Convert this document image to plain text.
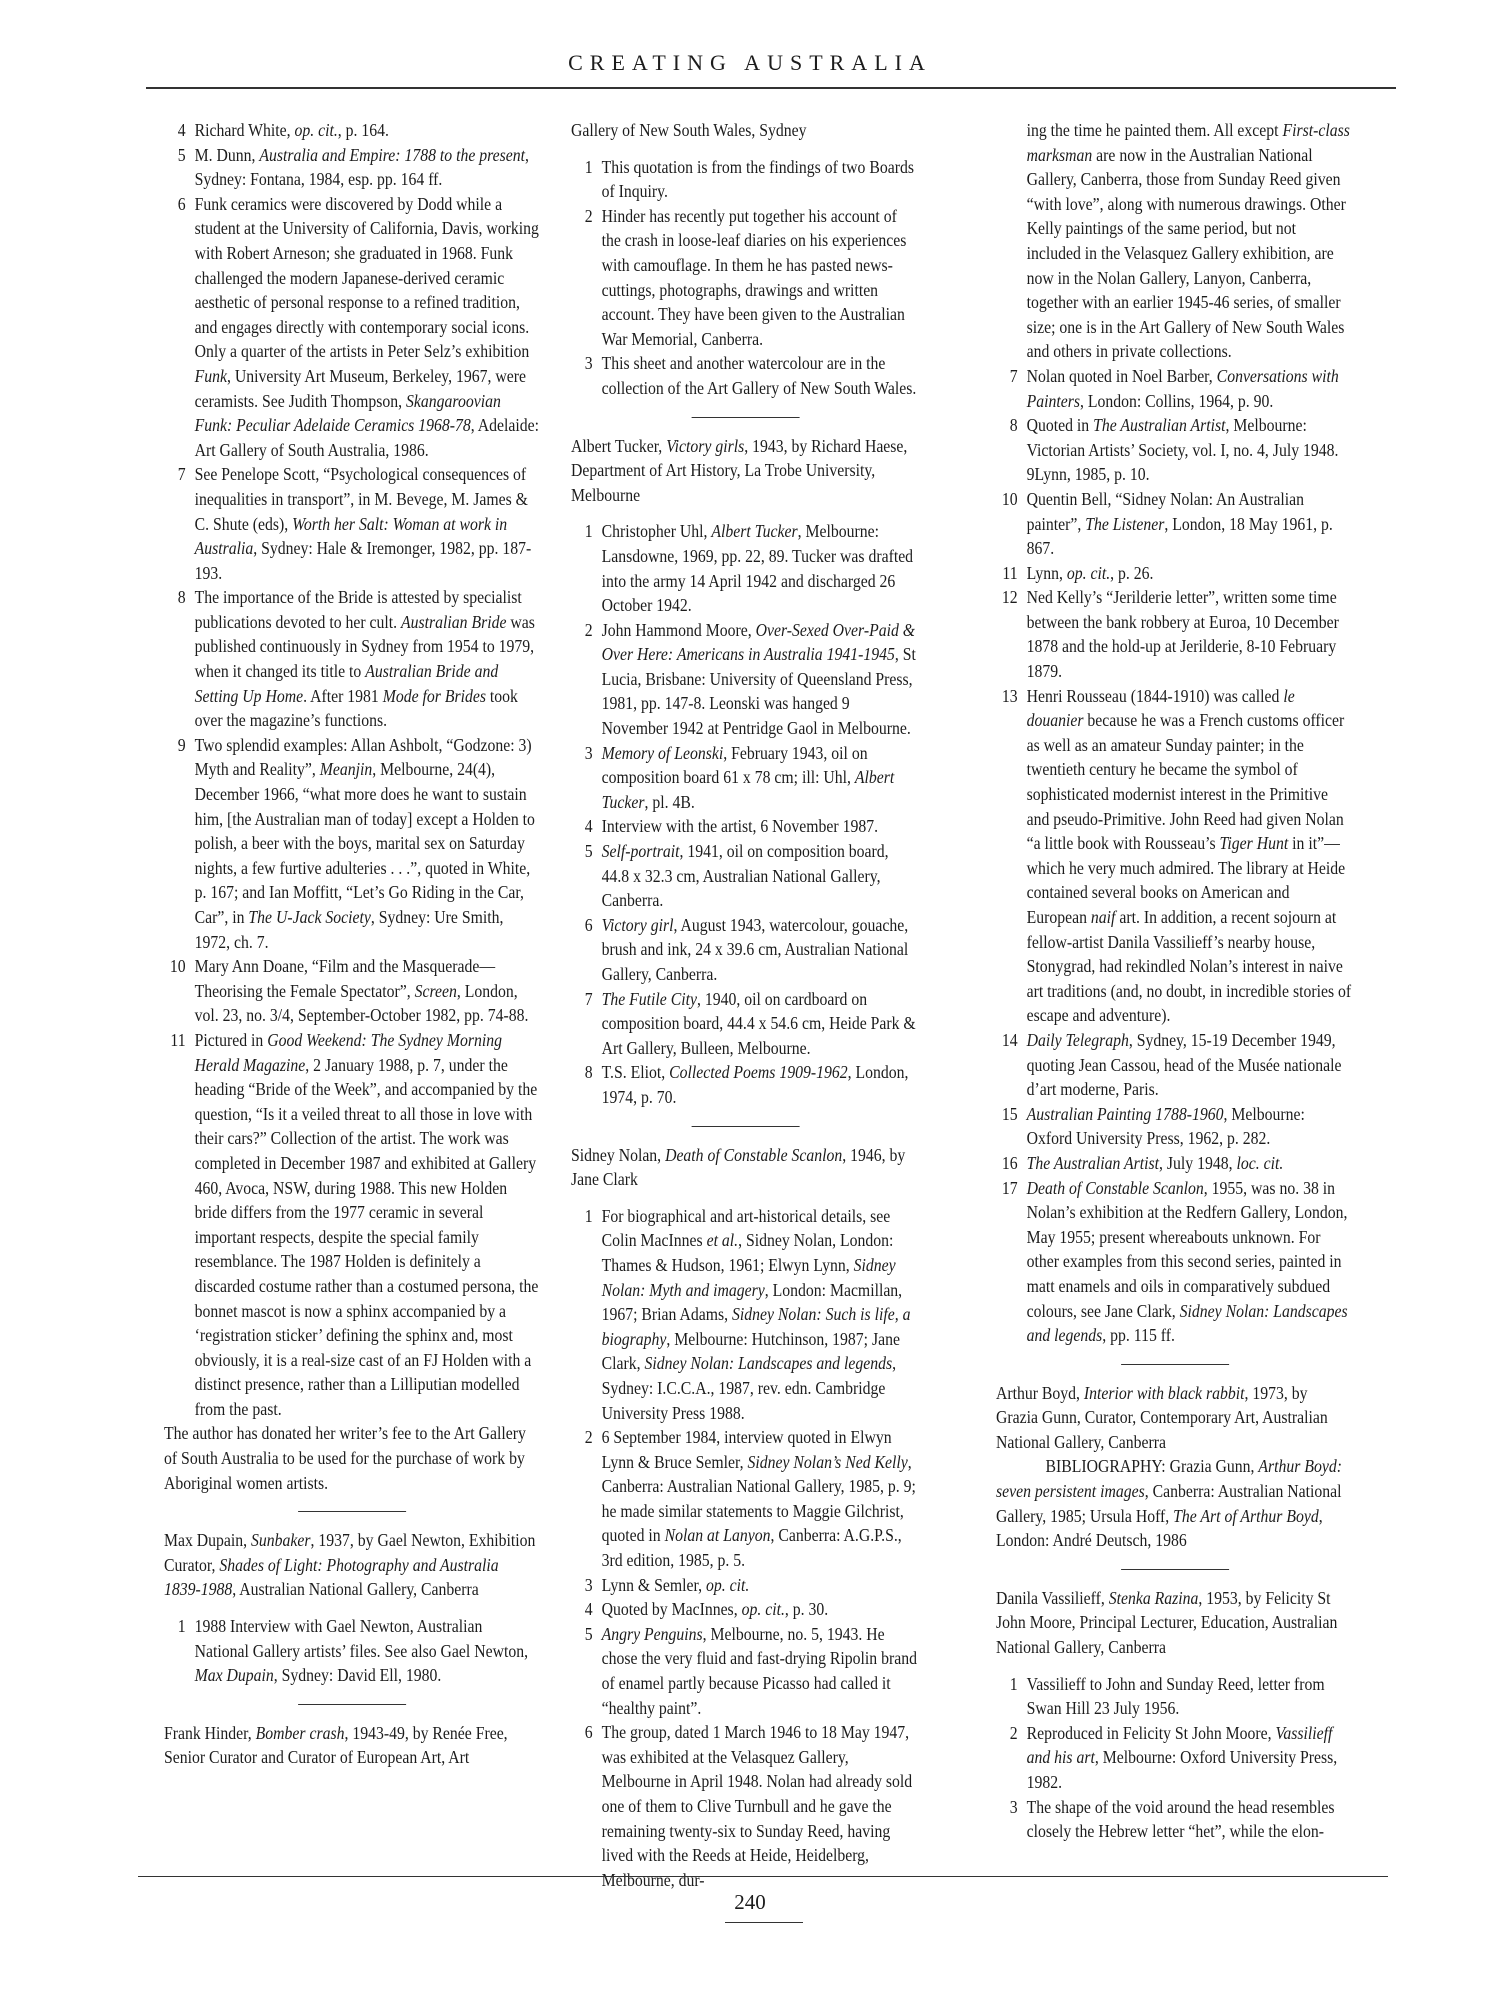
CREATING AUSTRALIA
4 Richard White, op. cit., p. 164.
5 M. Dunn, Australia and Empire: 1788 to the present, Sydney: Fontana, 1984, esp. pp. 164 ff.
6 Funk ceramics were discovered by Dodd while a student at the University of California, Davis, working with Robert Arneson; she graduated in 1968. Funk challenged the modern Japanese-derived ceramic aesthetic of personal response to a refined tradition, and engages directly with contemporary social icons. Only a quarter of the artists in Peter Selz’s exhibition Funk, University Art Museum, Berkeley, 1967, were ceramists. See Judith Thompson, Skangaroovian Funk: Peculiar Adelaide Ceramics 1968-78, Adelaide: Art Gallery of South Australia, 1986.
7 See Penelope Scott, “Psychological consequences of inequalities in transport”, in M. Bevege, M. James & C. Shute (eds), Worth her Salt: Woman at work in Australia, Sydney: Hale & Iremonger, 1982, pp. 187-193.
8 The importance of the Bride is attested by specialist publications devoted to her cult. Australian Bride was published continuously in Sydney from 1954 to 1979, when it changed its title to Australian Bride and Setting Up Home. After 1981 Mode for Brides took over the magazine’s functions.
9 Two splendid examples: Allan Ashbolt, “Godzone: 3) Myth and Reality”, Meanjin, Melbourne, 24(4), December 1966, “what more does he want to sustain him, [the Australian man of today] except a Holden to polish, a beer with the boys, marital sex on Saturday nights, a few furtive adulteries . . .”, quoted in White, p. 167; and Ian Moffitt, “Let’s Go Riding in the Car, Car”, in The U-Jack Society, Sydney: Ure Smith, 1972, ch. 7.
10 Mary Ann Doane, “Film and the Masquerade—Theorising the Female Spectator”, Screen, London, vol. 23, no. 3/4, September-October 1982, pp. 74-88.
11 Pictured in Good Weekend: The Sydney Morning Herald Magazine, 2 January 1988, p. 7, under the heading “Bride of the Week”, and accompanied by the question, “Is it a veiled threat to all those in love with their cars?” Collection of the artist. The work was completed in December 1987 and exhibited at Gallery 460, Avoca, NSW, during 1988. This new Holden bride differs from the 1977 ceramic in several important respects, despite the special family resemblance. The 1987 Holden is definitely a discarded costume rather than a costumed persona, the bonnet mascot is now a sphinx accompanied by a ‘registration sticker’ defining the sphinx and, most obviously, it is a real-size cast of an FJ Holden with a distinct presence, rather than a Lilliputian modelled from the past.

The author has donated her writer’s fee to the Art Gallery of South Australia to be used for the purchase of work by Aboriginal women artists.

Max Dupain, Sunbaker, 1937, by Gael Newton, Exhibition Curator, Shades of Light: Photography and Australia 1839-1988, Australian National Gallery, Canberra

1 1988 Interview with Gael Newton, Australian National Gallery artists’ files. See also Gael Newton, Max Dupain, Sydney: David Ell, 1980.

Frank Hinder, Bomber crash, 1943-49, by Renée Free, Senior Curator and Curator of European Art, Art

Gallery of New South Wales, Sydney

1 This quotation is from the findings of two Boards of Inquiry.
2 Hinder has recently put together his account of the crash in loose-leaf diaries on his experiences with camouflage. In them he has pasted news-cuttings, photographs, drawings and written account. They have been given to the Australian War Memorial, Canberra.
3 This sheet and another watercolour are in the collection of the Art Gallery of New South Wales.

Albert Tucker, Victory girls, 1943, by Richard Haese, Department of Art History, La Trobe University, Melbourne

1 Christopher Uhl, Albert Tucker, Melbourne: Lansdowne, 1969, pp. 22, 89. Tucker was drafted into the army 14 April 1942 and discharged 26 October 1942.
2 John Hammond Moore, Over-Sexed Over-Paid & Over Here: Americans in Australia 1941-1945, St Lucia, Brisbane: University of Queensland Press, 1981, pp. 147-8. Leonski was hanged 9 November 1942 at Pentridge Gaol in Melbourne.
3 Memory of Leonski, February 1943, oil on composition board 61 x 78 cm; ill: Uhl, Albert Tucker, pl. 4B.
4 Interview with the artist, 6 November 1987.
5 Self-portrait, 1941, oil on composition board, 44.8 x 32.3 cm, Australian National Gallery, Canberra.
6 Victory girl, August 1943, watercolour, gouache, brush and ink, 24 x 39.6 cm, Australian National Gallery, Canberra.
7 The Futile City, 1940, oil on cardboard on composition board, 44.4 x 54.6 cm, Heide Park & Art Gallery, Bulleen, Melbourne.
8 T.S. Eliot, Collected Poems 1909-1962, London, 1974, p. 70.

Sidney Nolan, Death of Constable Scanlon, 1946, by Jane Clark

1 For biographical and art-historical details, see Colin MacInnes et al., Sidney Nolan, London: Thames & Hudson, 1961; Elwyn Lynn, Sidney Nolan: Myth and imagery, London: Macmillan, 1967; Brian Adams, Sidney Nolan: Such is life, a biography, Melbourne: Hutchinson, 1987; Jane Clark, Sidney Nolan: Landscapes and legends, Sydney: I.C.C.A., 1987, rev. edn. Cambridge University Press 1988.
2 6 September 1984, interview quoted in Elwyn Lynn & Bruce Semler, Sidney Nolan’s Ned Kelly, Canberra: Australian National Gallery, 1985, p. 9; he made similar statements to Maggie Gilchrist, quoted in Nolan at Lanyon, Canberra: A.G.P.S., 3rd edition, 1985, p. 5.
3 Lynn & Semler, op. cit.
4 Quoted by MacInnes, op. cit., p. 30.
5 Angry Penguins, Melbourne, no. 5, 1943. He chose the very fluid and fast-drying Ripolin brand of enamel partly because Picasso had called it “healthy paint”.
6 The group, dated 1 March 1946 to 18 May 1947, was exhibited at the Velasquez Gallery, Melbourne in April 1948. Nolan had already sold one of them to Clive Turnbull and he gave the remaining twenty-six to Sunday Reed, having lived with the Reeds at Heide, Heidelberg, Melbourne, dur-

ing the time he painted them. All except First-class marksman are now in the Australian National Gallery, Canberra, those from Sunday Reed given “with love”, along with numerous drawings. Other Kelly paintings of the same period, but not included in the Velasquez Gallery exhibition, are now in the Nolan Gallery, Lanyon, Canberra, together with an earlier 1945-46 series, of smaller size; one is in the Art Gallery of New South Wales and others in private collections.

7 Nolan quoted in Noel Barber, Conversations with Painters, London: Collins, 1964, p. 90.
8 Quoted in The Australian Artist, Melbourne: Victorian Artists’ Society, vol. I, no. 4, July 1948. 9Lynn, 1985, p. 10.
10 Quentin Bell, “Sidney Nolan: An Australian painter”, The Listener, London, 18 May 1961, p. 867.
11 Lynn, op. cit., p. 26.
12 Ned Kelly’s “Jerilderie letter”, written some time between the bank robbery at Euroa, 10 December 1878 and the hold-up at Jerilderie, 8-10 February 1879.
13 Henri Rousseau (1844-1910) was called le douanier because he was a French customs officer as well as an amateur Sunday painter; in the twentieth century he became the symbol of sophisticated modernist interest in the Primitive and pseudo-Primitive. John Reed had given Nolan “a little book with Rousseau’s Tiger Hunt in it”—which he very much admired. The library at Heide contained several books on American and European naif art. In addition, a recent sojourn at fellow-artist Danila Vassilieff’s nearby house, Stonygrad, had rekindled Nolan’s interest in naive art traditions (and, no doubt, in incredible stories of escape and adventure).
14 Daily Telegraph, Sydney, 15-19 December 1949, quoting Jean Cassou, head of the Musée nationale d’art moderne, Paris.
15 Australian Painting 1788-1960, Melbourne: Oxford University Press, 1962, p. 282.
16 The Australian Artist, July 1948, loc. cit.
17 Death of Constable Scanlon, 1955, was no. 38 in Nolan’s exhibition at the Redfern Gallery, London, May 1955; present whereabouts unknown. For other examples from this second series, painted in matt enamels and oils in comparatively subdued colours, see Jane Clark, Sidney Nolan: Landscapes and legends, pp. 115 ff.

Arthur Boyd, Interior with black rabbit, 1973, by Grazia Gunn, Curator, Contemporary Art, Australian National Gallery, Canberra

BIBLIOGRAPHY: Grazia Gunn, Arthur Boyd: seven persistent images, Canberra: Australian National Gallery, 1985; Ursula Hoff, The Art of Arthur Boyd, London: André Deutsch, 1986

Danila Vassilieff, Stenka Razina, 1953, by Felicity St John Moore, Principal Lecturer, Education, Australian National Gallery, Canberra

1 Vassilieff to John and Sunday Reed, letter from Swan Hill 23 July 1956.
2 Reproduced in Felicity St John Moore, Vassilieff and his art, Melbourne: Oxford University Press, 1982.
3 The shape of the void around the head resembles closely the Hebrew letter “het”, while the elon-
240
